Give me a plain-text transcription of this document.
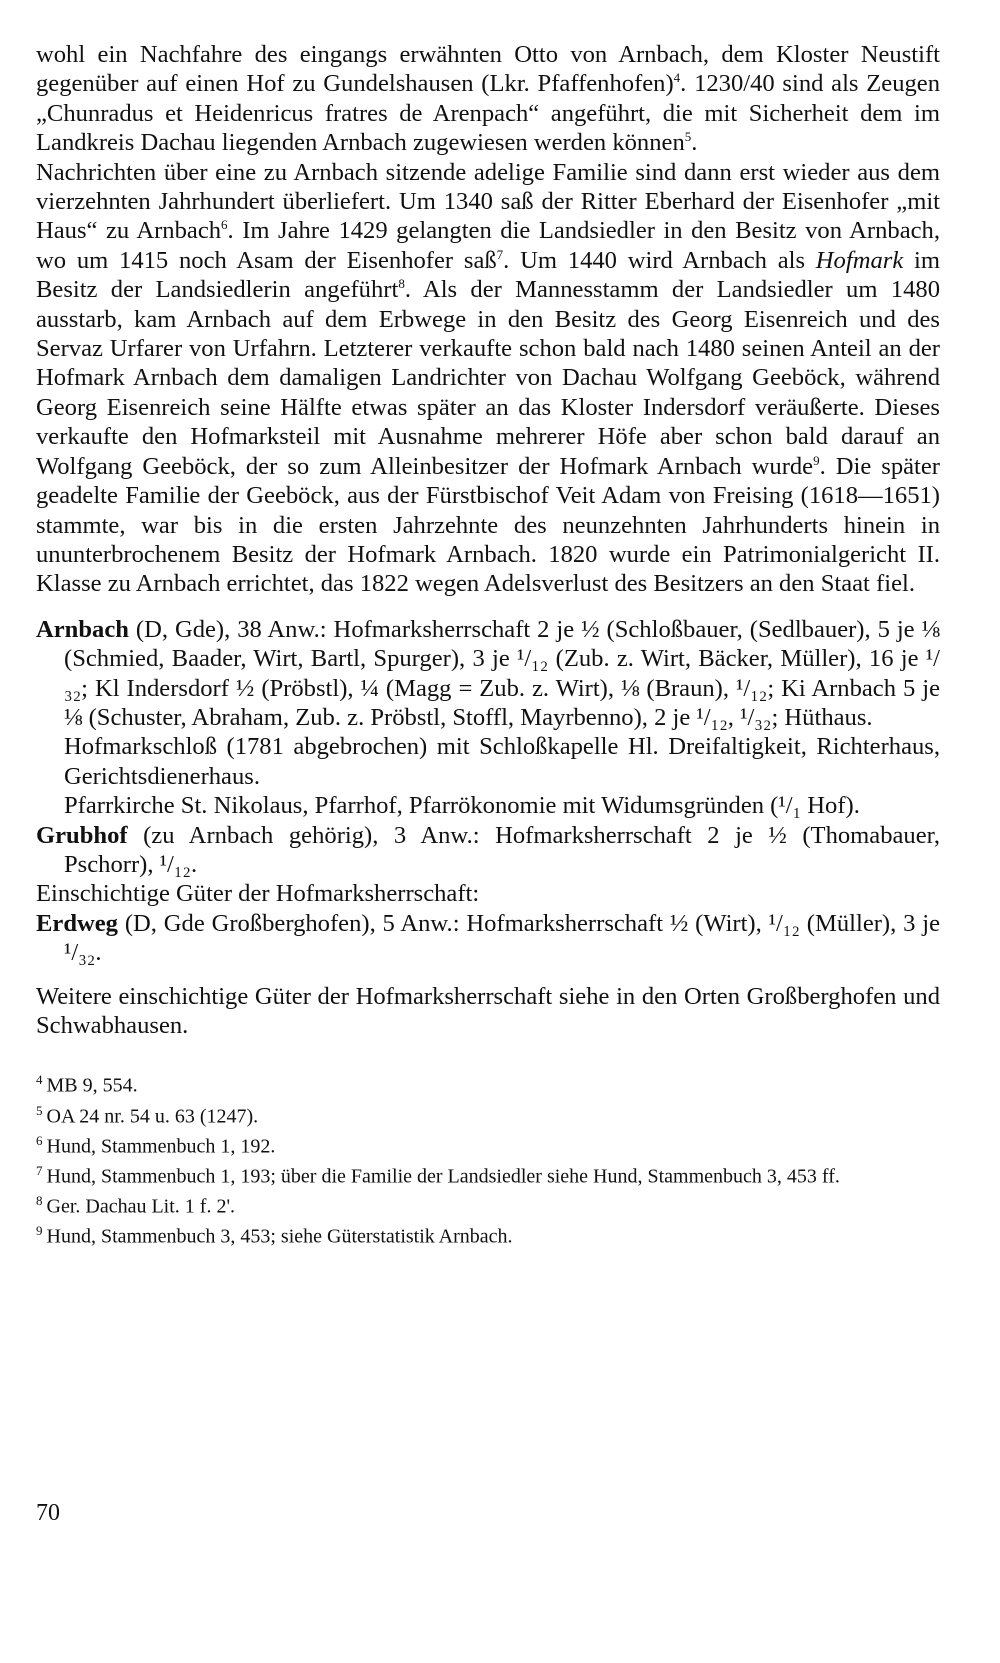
wohl ein Nachfahre des eingangs erwähnten Otto von Arnbach, dem Kloster Neustift gegenüber auf einen Hof zu Gundelshausen (Lkr. Pfaffenhofen)$^4$. 1230/40 sind als Zeugen „Chunradus et Heidenricus fratres de Arenpach“ angeführt, die mit Sicherheit dem im Landkreis Dachau liegenden Arnbach zugewiesen werden können$^5$.

Nachrichten über eine zu Arnbach sitzende adelige Familie sind dann erst wieder aus dem vierzehnten Jahrhundert überliefert. Um 1340 saß der Ritter Eberhard der Eisenhofer „mit Haus“ zu Arnbach$^6$. Im Jahre 1429 gelangten die Landsiedler in den Besitz von Arnbach, wo um 1415 noch Asam der Eisenhofer saß$^7$. Um 1440 wird Arnbach als Hofmark im Besitz der Landsiedlerin angeführt$^8$. Als der Mannesstamm der Landsiedler um 1480 ausstarb, kam Arnbach auf dem Erbwege in den Besitz des Georg Eisenreich und des Servaz Urfarer von Urfahrn. Letzterer verkaufte schon bald nach 1480 seinen Anteil an der Hofmark Arnbach dem damaligen Landrichter von Dachau Wolfgang Geeböck, während Georg Eisenreich seine Hälfte etwas später an das Kloster Indersdorf veräußerte. Dieses verkaufte den Hofmarksteil mit Ausnahme mehrerer Höfe aber schon bald darauf an Wolfgang Geeböck, der so zum Alleinbesitzer der Hofmark Arnbach wurde$^9$. Die später geadelte Familie der Geeböck, aus der Fürstbischof Veit Adam von Freising (1618—1651) stammte, war bis in die ersten Jahrzehnte des neunzehnten Jahrhunderts hinein in ununterbrochenem Besitz der Hofmark Arnbach. 1820 wurde ein Patrimonialgericht II. Klasse zu Arnbach errichtet, das 1822 wegen Adelsverlust des Besitzers an den Staat fiel.

Arnbach (D, Gde), 38 Anw.: Hofmarksherrschaft 2 je ½ (Schloßbauer, (Sedlbauer), 5 je ⅛ (Schmied, Baader, Wirt, Bartl, Spurger), 3 je ¹/₁₂ (Zub. z. Wirt, Bäcker, Müller), 16 je ¹/₃₂; Kl Indersdorf ½ (Pröbstl), ¼ (Magg = Zub. z. Wirt), ⅛ (Braun), ¹/₁₂; Ki Arnbach 5 je ⅛ (Schuster, Abraham, Zub. z. Pröbstl, Stoffl, Mayrbenno), 2 je ¹/₁₂, ¹/₃₂; Hüthaus.

Hofmarkschloß (1781 abgebrochen) mit Schloßkapelle Hl. Dreifaltigkeit, Richterhaus, Gerichtsdienerhaus.

Pfarrkirche St. Nikolaus, Pfarrhof, Pfarrökonomie mit Widumsgründen (¹/₁ Hof).

Grubhof (zu Arnbach gehörig), 3 Anw.: Hofmarksherrschaft 2 je ½ (Thomabauer, Pschorr), ¹/₁₂.

Einschichtige Güter der Hofmarksherrschaft:

Erdweg (D, Gde Großberghofen), 5 Anw.: Hofmarksherrschaft ½ (Wirt), ¹/₁₂ (Müller), 3 je ¹/₃₂.

Weitere einschichtige Güter der Hofmarksherrschaft siehe in den Orten Großberghofen und Schwabhausen.

$^4$ MB 9, 554.

$^5$ OA 24 nr. 54 u. 63 (1247).

$^6$ Hund, Stammenbuch 1, 192.

$^7$ Hund, Stammenbuch 1, 193; über die Familie der Landsiedler siehe Hund, Stammenbuch 3, 453 ff.

$^8$ Ger. Dachau Lit. 1 f. 2'.

$^9$ Hund, Stammenbuch 3, 453; siehe Güterstatistik Arnbach.

70
